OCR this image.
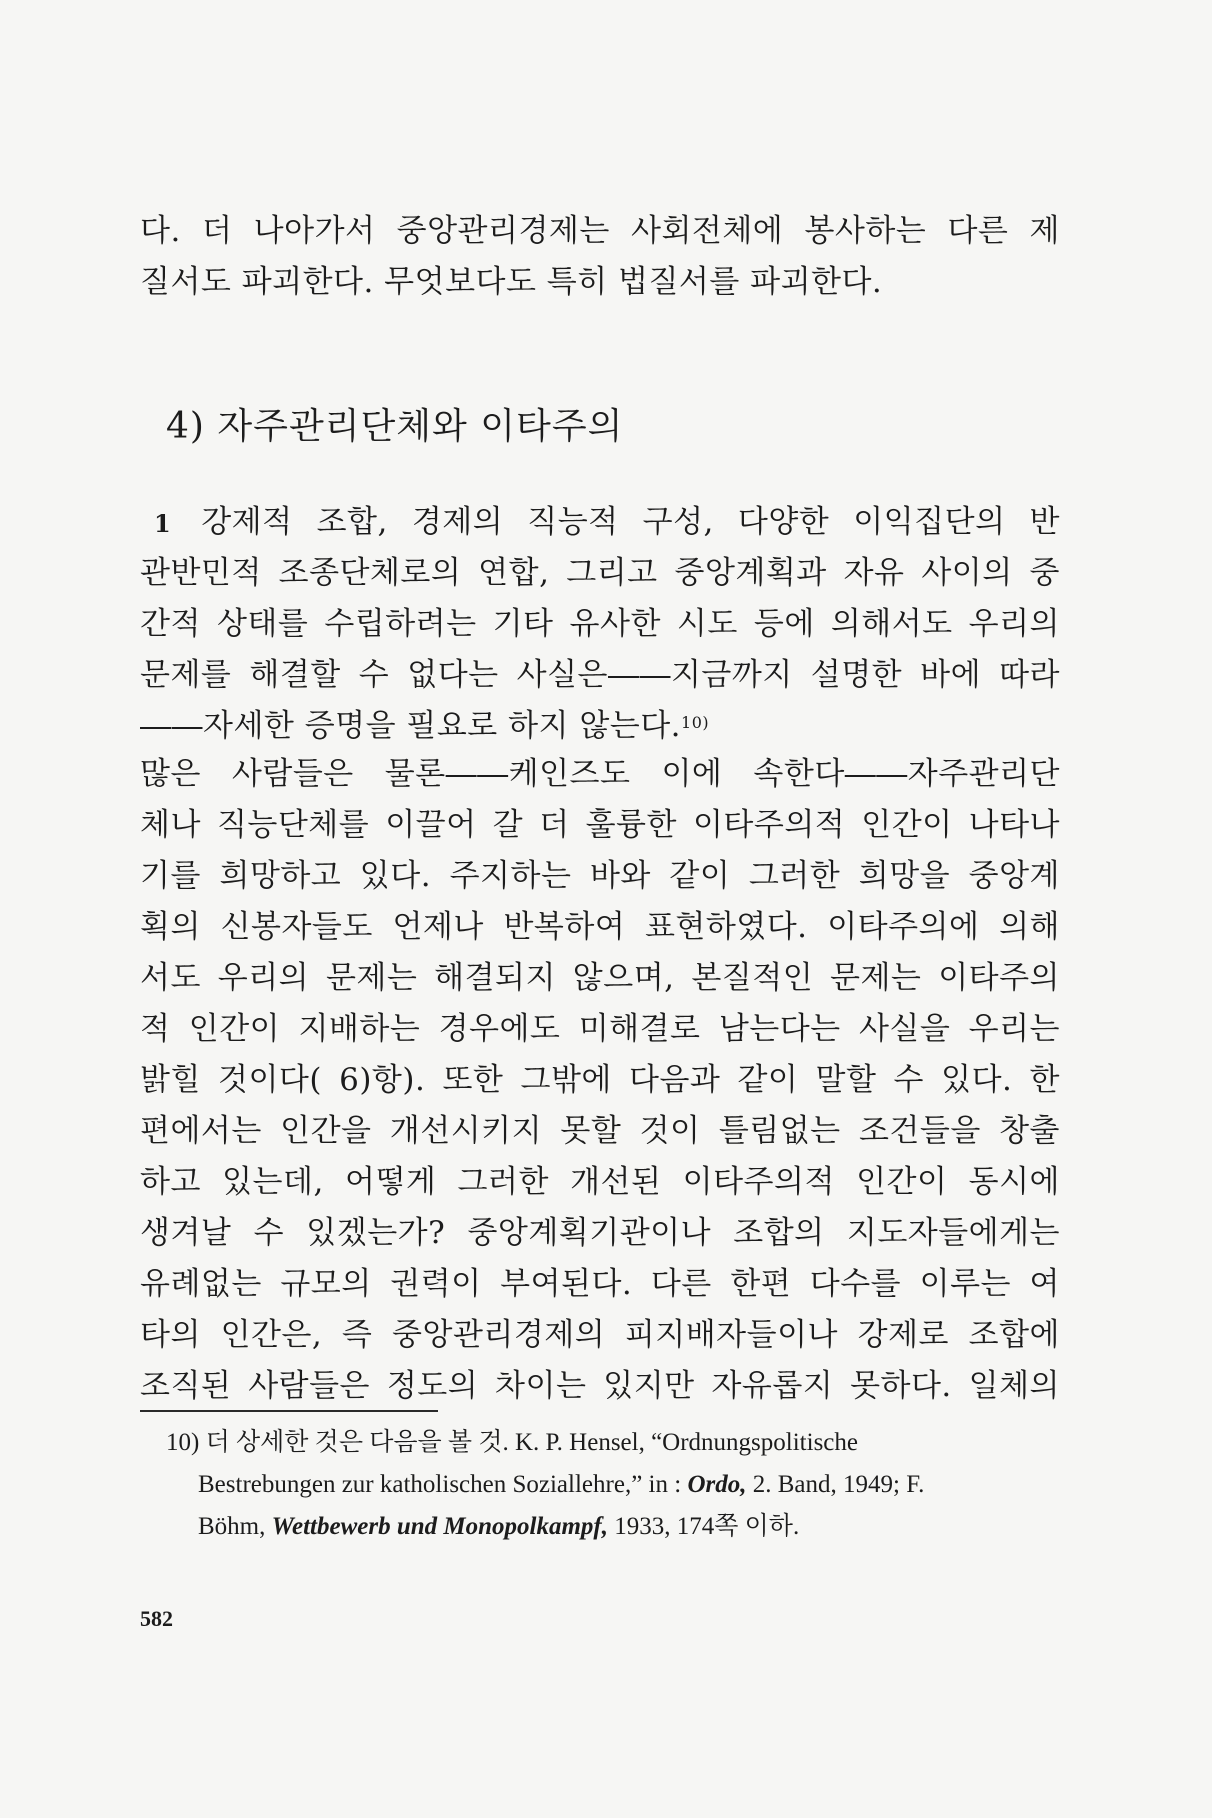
다. 더 나아가서 중앙관리경제는 사회전체에 봉사하는 다른 제
질서도 파괴한다. 무엇보다도 특히 법질서를 파괴한다.
4) 자주관리단체와 이타주의
1 강제적 조합, 경제의 직능적 구성, 다양한 이익집단의 반
관반민적 조종단체로의 연합, 그리고 중앙계획과 자유 사이의 중
간적 상태를 수립하려는 기타 유사한 시도 등에 의해서도 우리의
문제를 해결할 수 없다는 사실은――지금까지 설명한 바에 따라
――자세한 증명을 필요로 하지 않는다.$^{10)}$
많은 사람들은 물론――케인즈도 이에 속한다――자주관리단
체나 직능단체를 이끌어 갈 더 훌륭한 이타주의적 인간이 나타나
기를 희망하고 있다. 주지하는 바와 같이 그러한 희망을 중앙계
획의 신봉자들도 언제나 반복하여 표현하였다. 이타주의에 의해
서도 우리의 문제는 해결되지 않으며, 본질적인 문제는 이타주의
적 인간이 지배하는 경우에도 미해결로 남는다는 사실을 우리는
밝힐 것이다( 6)항). 또한 그밖에 다음과 같이 말할 수 있다. 한
편에서는 인간을 개선시키지 못할 것이 틀림없는 조건들을 창출
하고 있는데, 어떻게 그러한 개선된 이타주의적 인간이 동시에
생겨날 수 있겠는가? 중앙계획기관이나 조합의 지도자들에게는
유례없는 규모의 권력이 부여된다. 다른 한편 다수를 이루는 여
타의 인간은, 즉 중앙관리경제의 피지배자들이나 강제로 조합에
조직된 사람들은 정도의 차이는 있지만 자유롭지 못하다. 일체의
10) 더 상세한 것은 다음을 볼 것. K. P. Hensel, “Ordnungspolitische
Bestrebungen zur katholischen Soziallehre,” in : Ordo, 2. Band, 1949; F.
Böhm, Wettbewerb und Monopolkampf, 1933, 174쪽 이하.
582
